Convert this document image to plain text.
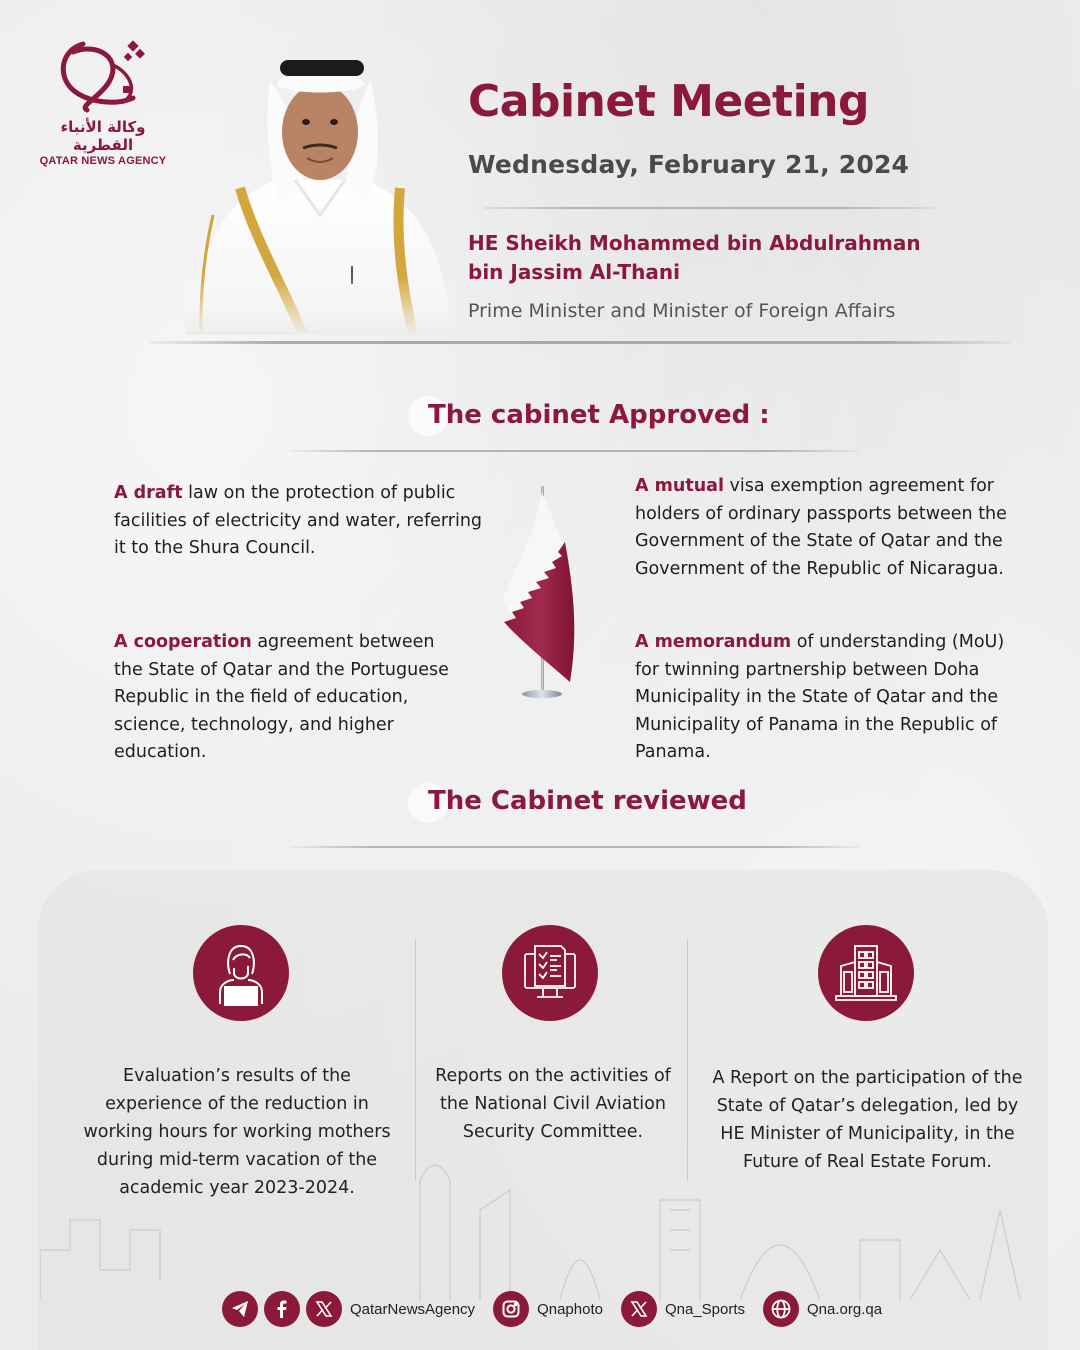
وكالة الأنباء القطرية
QATAR NEWS AGENCY
Cabinet Meeting
Wednesday, February 21, 2024
HE Sheikh Mohammed bin Abdulrahman bin Jassim Al-Thani
Prime Minister and Minister of Foreign Affairs
The cabinet Approved :
A draft law on the protection of public facilities of electricity and water, referring it to the Shura Council.
A mutual visa exemption agreement for holders of ordinary passports between the Government of the State of Qatar and the Government of the Republic of Nicaragua.
A cooperation agreement between the State of Qatar and the Portuguese Republic in the field of education, science, technology, and higher education.
A memorandum of understanding (MoU) for twinning partnership between Doha Municipality in the State of Qatar and the Municipality of Panama in the Republic of Panama.
The Cabinet reviewed
Evaluation’s results of the experience of the reduction in working hours for working mothers during mid-term vacation of the academic year 2023-2024.
Reports on the activities of the National Civil Aviation Security Committee.
A Report on the participation of the State of Qatar’s delegation, led by HE Minister of Municipality, in the Future of Real Estate Forum.
QatarNewsAgency	Qnaphoto	Qna_Sports	Qna.org.qa
